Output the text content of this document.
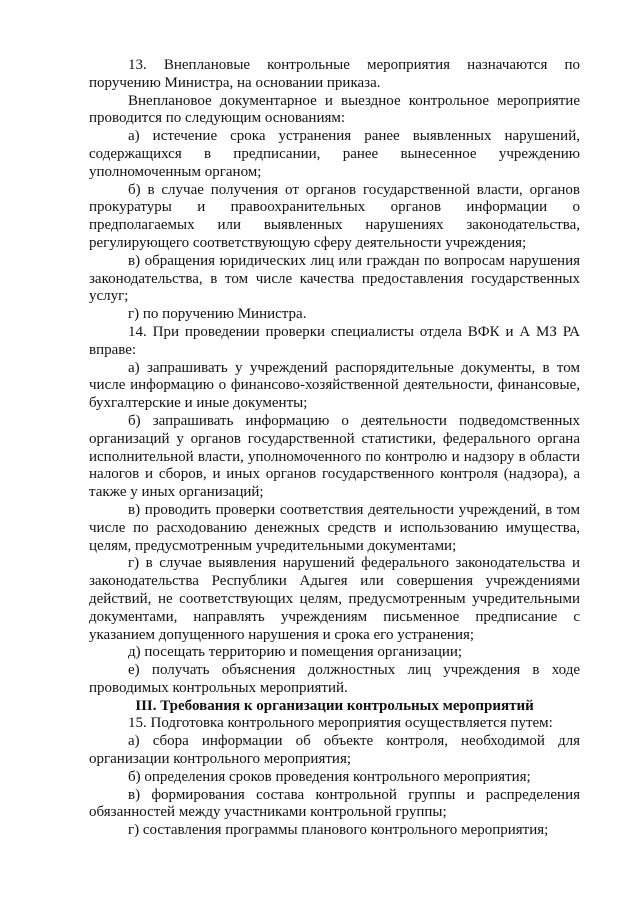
13. Внеплановые контрольные мероприятия назначаются по поручению Министра, на основании приказа.

Внеплановое документарное и выездное контрольное мероприятие проводится по следующим основаниям:

а) истечение срока устранения ранее выявленных нарушений, содержащихся в предписании, ранее вынесенное учреждению уполномоченным органом;

б) в случае получения от органов государственной власти, органов прокуратуры и правоохранительных органов информации о предполагаемых или выявленных нарушениях законодательства, регулирующего соответствующую сферу деятельности учреждения;

в) обращения юридических лиц или граждан по вопросам нарушения законодательства, в том числе качества предоставления государственных услуг;

г) по поручению Министра.

14. При проведении проверки специалисты отдела ВФК и А МЗ РА вправе:

а) запрашивать у учреждений распорядительные документы, в том числе информацию о финансово-хозяйственной деятельности, финансовые, бухгалтерские и иные документы;

б) запрашивать информацию о деятельности подведомственных организаций у органов государственной статистики, федерального органа исполнительной власти, уполномоченного по контролю и надзору в области налогов и сборов, и иных органов государственного контроля (надзора), а также у иных организаций;

в) проводить проверки соответствия деятельности учреждений, в том числе по расходованию денежных средств и использованию имущества, целям, предусмотренным учредительными документами;

г) в случае выявления нарушений федерального законодательства и законодательства Республики Адыгея или совершения учреждениями действий, не соответствующих целям, предусмотренным учредительными документами, направлять учреждениям письменное предписание с указанием допущенного нарушения и срока его устранения;

д) посещать территорию и помещения организации;

е) получать объяснения должностных лиц учреждения в ходе проводимых контрольных мероприятий.

III. Требования к организации контрольных мероприятий

15. Подготовка контрольного мероприятия осуществляется путем:

а) сбора информации об объекте контроля, необходимой для организации контрольного мероприятия;

б) определения сроков проведения контрольного мероприятия;

в) формирования состава контрольной группы и распределения обязанностей между участниками контрольной группы;

г) составления программы планового контрольного мероприятия;
